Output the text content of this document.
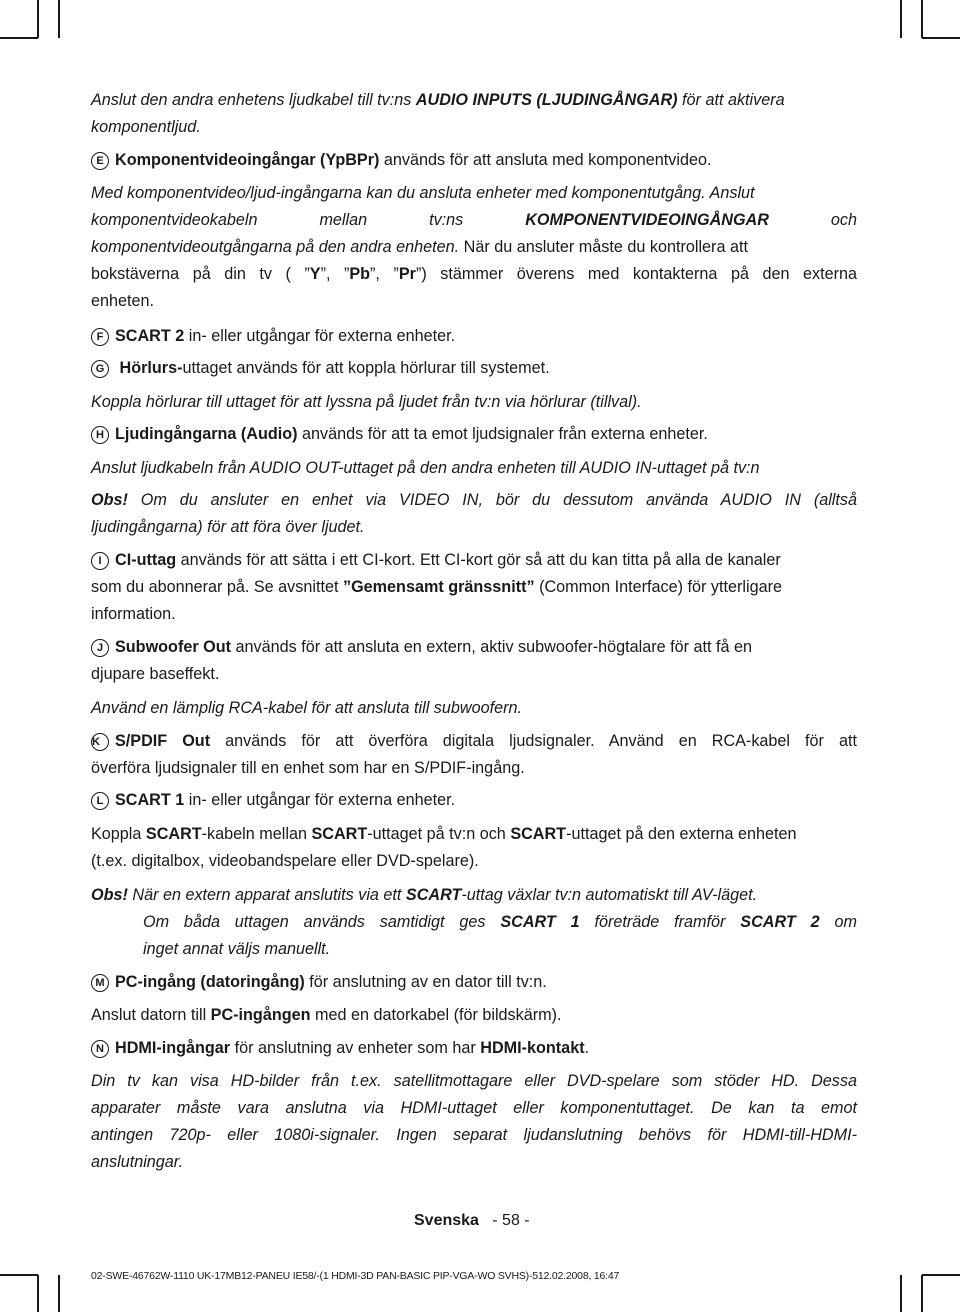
Anslut den andra enhetens ljudkabel till tv:ns AUDIO INPUTS (LJUDINGÅNGAR) för att aktivera
komponentljud.
E Komponentvideoingångar (YpBPr) används för att ansluta med komponentvideo.
Med komponentvideo/ljud-ingångarna kan du ansluta enheter med komponentutgång. Anslut
komponentvideokabeln mellan tv:ns KOMPONENTVIDEOINGÅNGAR och
komponentvideoutgångarna på den andra enheten. När du ansluter måste du kontrollera att
bokstäverna på din tv ( ”Y”, ”Pb”, ”Pr”) stämmer överens med kontakterna på den externa
enheten.
F SCART 2 in- eller utgångar för externa enheter.
G Hörlurs-uttaget används för att koppla hörlurar till systemet.
Koppla hörlurar till uttaget för att lyssna på ljudet från tv:n via hörlurar (tillval).
H Ljudingångarna (Audio) används för att ta emot ljudsignaler från externa enheter.
Anslut ljudkabeln från AUDIO OUT-uttaget på den andra enheten till AUDIO IN-uttaget på tv:n
Obs! Om du ansluter en enhet via VIDEO IN, bör du dessutom använda AUDIO IN (alltså
ljudingångarna) för att föra över ljudet.
I CI-uttag används för att sätta i ett CI-kort. Ett CI-kort gör så att du kan titta på alla de kanaler
som du abonnerar på. Se avsnittet ”Gemensamt gränssnitt” (Common Interface) för ytterligare
information.
J Subwoofer Out används för att ansluta en extern, aktiv subwoofer-högtalare för att få en
djupare baseffekt.
Använd en lämplig RCA-kabel för att ansluta till subwoofern.
K S/PDIF Out används för att överföra digitala ljudsignaler. Använd en RCA-kabel för att
överföra ljudsignaler till en enhet som har en S/PDIF-ingång.
L SCART 1 in- eller utgångar för externa enheter.
Koppla SCART-kabeln mellan SCART-uttaget på tv:n och SCART-uttaget på den externa enheten
(t.ex. digitalbox, videobandspelare eller DVD-spelare).
Obs! När en extern apparat anslutits via ett SCART-uttag växlar tv:n automatiskt till AV-läget.
Om båda uttagen används samtidigt ges SCART 1 företräde framför SCART 2 om
inget annat väljs manuellt.
M PC-ingång (datoringång) för anslutning av en dator till tv:n.
Anslut datorn till PC-ingången med en datorkabel (för bildskärm).
N HDMI-ingångar för anslutning av enheter som har HDMI-kontakt.
Din tv kan visa HD-bilder från t.ex. satellitmottagare eller DVD-spelare som stöder HD. Dessa
apparater måste vara anslutna via HDMI-uttaget eller komponentuttaget. De kan ta emot
antingen 720p- eller 1080i-signaler. Ingen separat ljudanslutning behövs för HDMI-till-HDMI-
anslutningar.
Svenska - 58 -
02-SWE-46762W-1110 UK-17MB12-PANEU IE58/-(1 HDMI-3D PAN-BASIC PIP-VGA-WO SVHS)-512.02.2008, 16:47
